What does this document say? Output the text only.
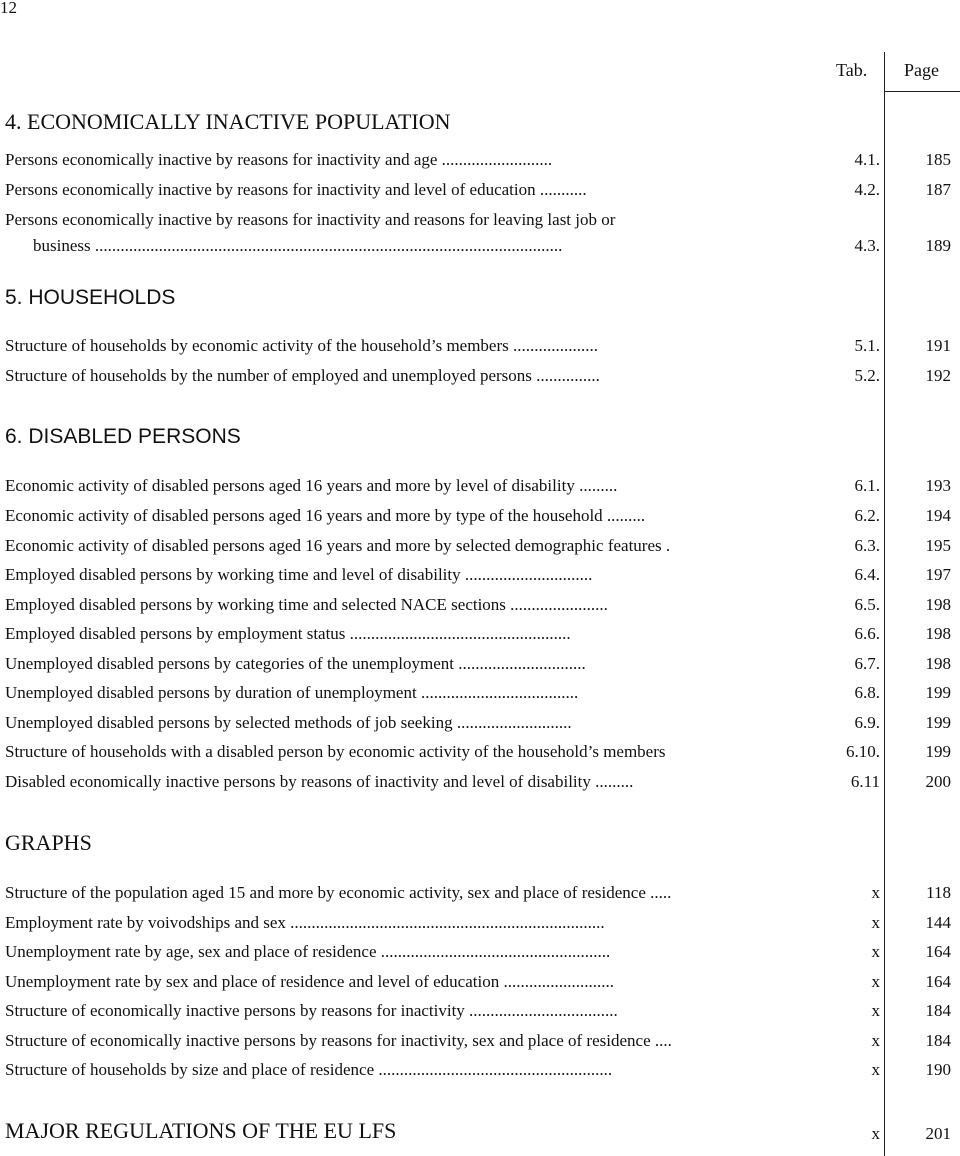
12
Tab. Page
4. ECONOMICALLY INACTIVE POPULATION
Persons economically inactive by reasons for inactivity and age ..........................	4.1.	185
Persons economically inactive by reasons for inactivity and level of education ...........	4.2.	187
Persons economically inactive by reasons for inactivity and reasons for leaving last job or
business ..............................................................................................................	4.3.	189
5. HOUSEHOLDS
Structure of households by economic activity of the household’s members ....................	5.1.	191
Structure of households by the number of employed and unemployed persons ...............	5.2.	192
6. DISABLED PERSONS
Economic activity of disabled persons aged 16 years and more by level of disability .........	6.1.	193
Economic activity of disabled persons aged 16 years and more by type of the household .........	6.2.	194
Economic activity of disabled persons aged 16 years and more by selected demographic features .	6.3.	195
Employed disabled persons by working time and level of disability ..............................	6.4.	197
Employed disabled persons by working time and selected NACE sections .......................	6.5.	198
Employed disabled persons by employment status ....................................................	6.6.	198
Unemployed disabled persons by categories of the unemployment ..............................	6.7.	198
Unemployed disabled persons by duration of unemployment .....................................	6.8.	199
Unemployed disabled persons by selected methods of job seeking ...........................	6.9.	199
Structure of households with a disabled person by economic activity of the household’s members	6.10.	199
Disabled economically inactive persons by reasons of inactivity and level of disability .........	6.11	200
GRAPHS
Structure of the population aged 15 and more by economic activity, sex and place of residence .....	x	118
Employment rate by voivodships and sex ..........................................................................	x	144
Unemployment rate by age, sex and place of residence ......................................................	x	164
Unemployment rate by sex and place of residence and level of education ..........................	x	164
Structure of economically inactive persons by reasons for inactivity ...................................	x	184
Structure of economically inactive persons by reasons for inactivity, sex and place of residence ....	x	184
Structure of households by size and place of residence .......................................................	x	190
MAJOR REGULATIONS OF THE EU LFS	x	201
